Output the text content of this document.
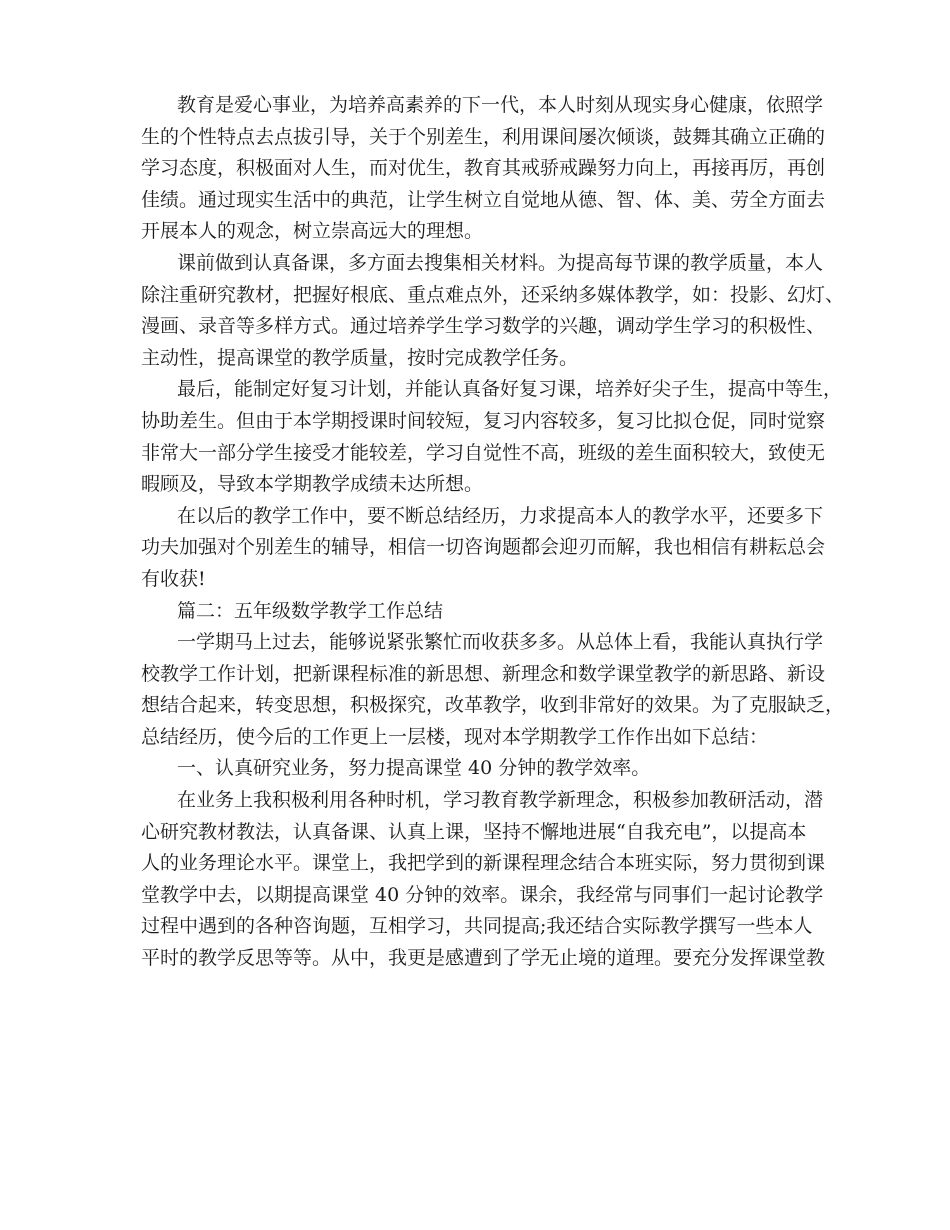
教育是爱心事业，为培养高素养的下一代，本人时刻从现实身心健康，依照学
生的个性特点去点拔引导，关于个别差生，利用课间屡次倾谈，鼓舞其确立正确的
学习态度，积极面对人生，而对优生，教育其戒骄戒躁努力向上，再接再厉，再创
佳绩。通过现实生活中的典范，让学生树立自觉地从德、智、体、美、劳全方面去
开展本人的观念，树立崇高远大的理想。
课前做到认真备课，多方面去搜集相关材料。为提高每节课的教学质量，本人
除注重研究教材，把握好根底、重点难点外，还采纳多媒体教学，如：投影、幻灯、
漫画、录音等多样方式。通过培养学生学习数学的兴趣，调动学生学习的积极性、
主动性，提高课堂的教学质量，按时完成教学任务。
最后，能制定好复习计划，并能认真备好复习课，培养好尖子生，提高中等生，
协助差生。但由于本学期授课时间较短，复习内容较多，复习比拟仓促，同时觉察
非常大一部分学生接受才能较差，学习自觉性不高，班级的差生面积较大，致使无
暇顾及，导致本学期教学成绩未达所想。
在以后的教学工作中，要不断总结经历，力求提高本人的教学水平，还要多下
功夫加强对个别差生的辅导，相信一切咨询题都会迎刃而解，我也相信有耕耘总会
有收获!
篇二：五年级数学教学工作总结
一学期马上过去，能够说紧张繁忙而收获多多。从总体上看，我能认真执行学
校教学工作计划，把新课程标准的新思想、新理念和数学课堂教学的新思路、新设
想结合起来，转变思想，积极探究，改革教学，收到非常好的效果。为了克服缺乏，
总结经历，使今后的工作更上一层楼，现对本学期教学工作作出如下总结：
一、认真研究业务，努力提高课堂 40 分钟的教学效率。
在业务上我积极利用各种时机，学习教育教学新理念，积极参加教研活动，潜
心研究教材教法，认真备课、认真上课，坚持不懈地进展“自我充电”，以提高本
人的业务理论水平。课堂上，我把学到的新课程理念结合本班实际，努力贯彻到课
堂教学中去，以期提高课堂 40 分钟的效率。课余，我经常与同事们一起讨论教学
过程中遇到的各种咨询题，互相学习，共同提高;我还结合实际教学撰写一些本人
平时的教学反思等等。从中，我更是感遭到了学无止境的道理。要充分发挥课堂教
